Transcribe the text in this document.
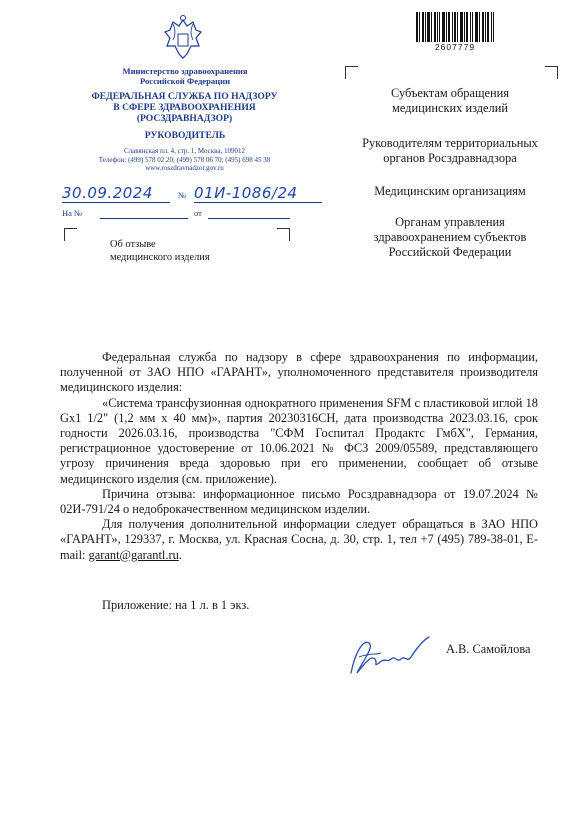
Министерство здравоохранения
Российской Федерации
ФЕДЕРАЛЬНАЯ СЛУЖБА ПО НАДЗОРУ
В СФЕРЕ ЗДРАВООХРАНЕНИЯ
(РОСЗДРАВНАДЗОР)
РУКОВОДИТЕЛЬ
Славянская пл. 4, стр. 1, Москва, 109012
Телефон: (499) 578 02 20; (499) 578 06 70; (495) 698 45 38
www.roszdravnadzor.gov.ru
30.09.2024	№ 01И-1086/24
На №	от
2607779
Субъектам обращения
медицинских изделий
Руководителям территориальных
органов Росздравнадзора
Медицинским организациям
Органам управления
здравоохранением субъектов
Российской Федерации
Об отзыве
медицинского изделия

Федеральная служба по надзору в сфере здравоохранения по информации, полученной от ЗАО НПО «ГАРАНТ», уполномоченного представителя производителя медицинского изделия:

«Система трансфузионная однократного применения SFM с пластиковой иглой 18 Gx1 1/2" (1,2 мм х 40 мм)», партия 20230316CH, дата производства 2023.03.16, срок годности 2026.03.16, производства "СФМ Госпитал Продактс ГмбХ", Германия, регистрационное удостоверение от 10.06.2021 № ФСЗ 2009/05589, представляющего угрозу причинения вреда здоровью при его применении, сообщает об отзыве медицинского изделия (см. приложение).

Причина отзыва: информационное письмо Росздравнадзора от 19.07.2024 № 02И-791/24 о недоброкачественном медицинском изделии.

Для получения дополнительной информации следует обращаться в ЗАО НПО «ГАРАНТ», 129337, г. Москва, ул. Красная Сосна, д. 30, стр. 1, тел +7 (495) 789-38-01, E-mail: garant@garantl.ru.

Приложение: на 1 л. в 1 экз.
А.В. Самойлова
